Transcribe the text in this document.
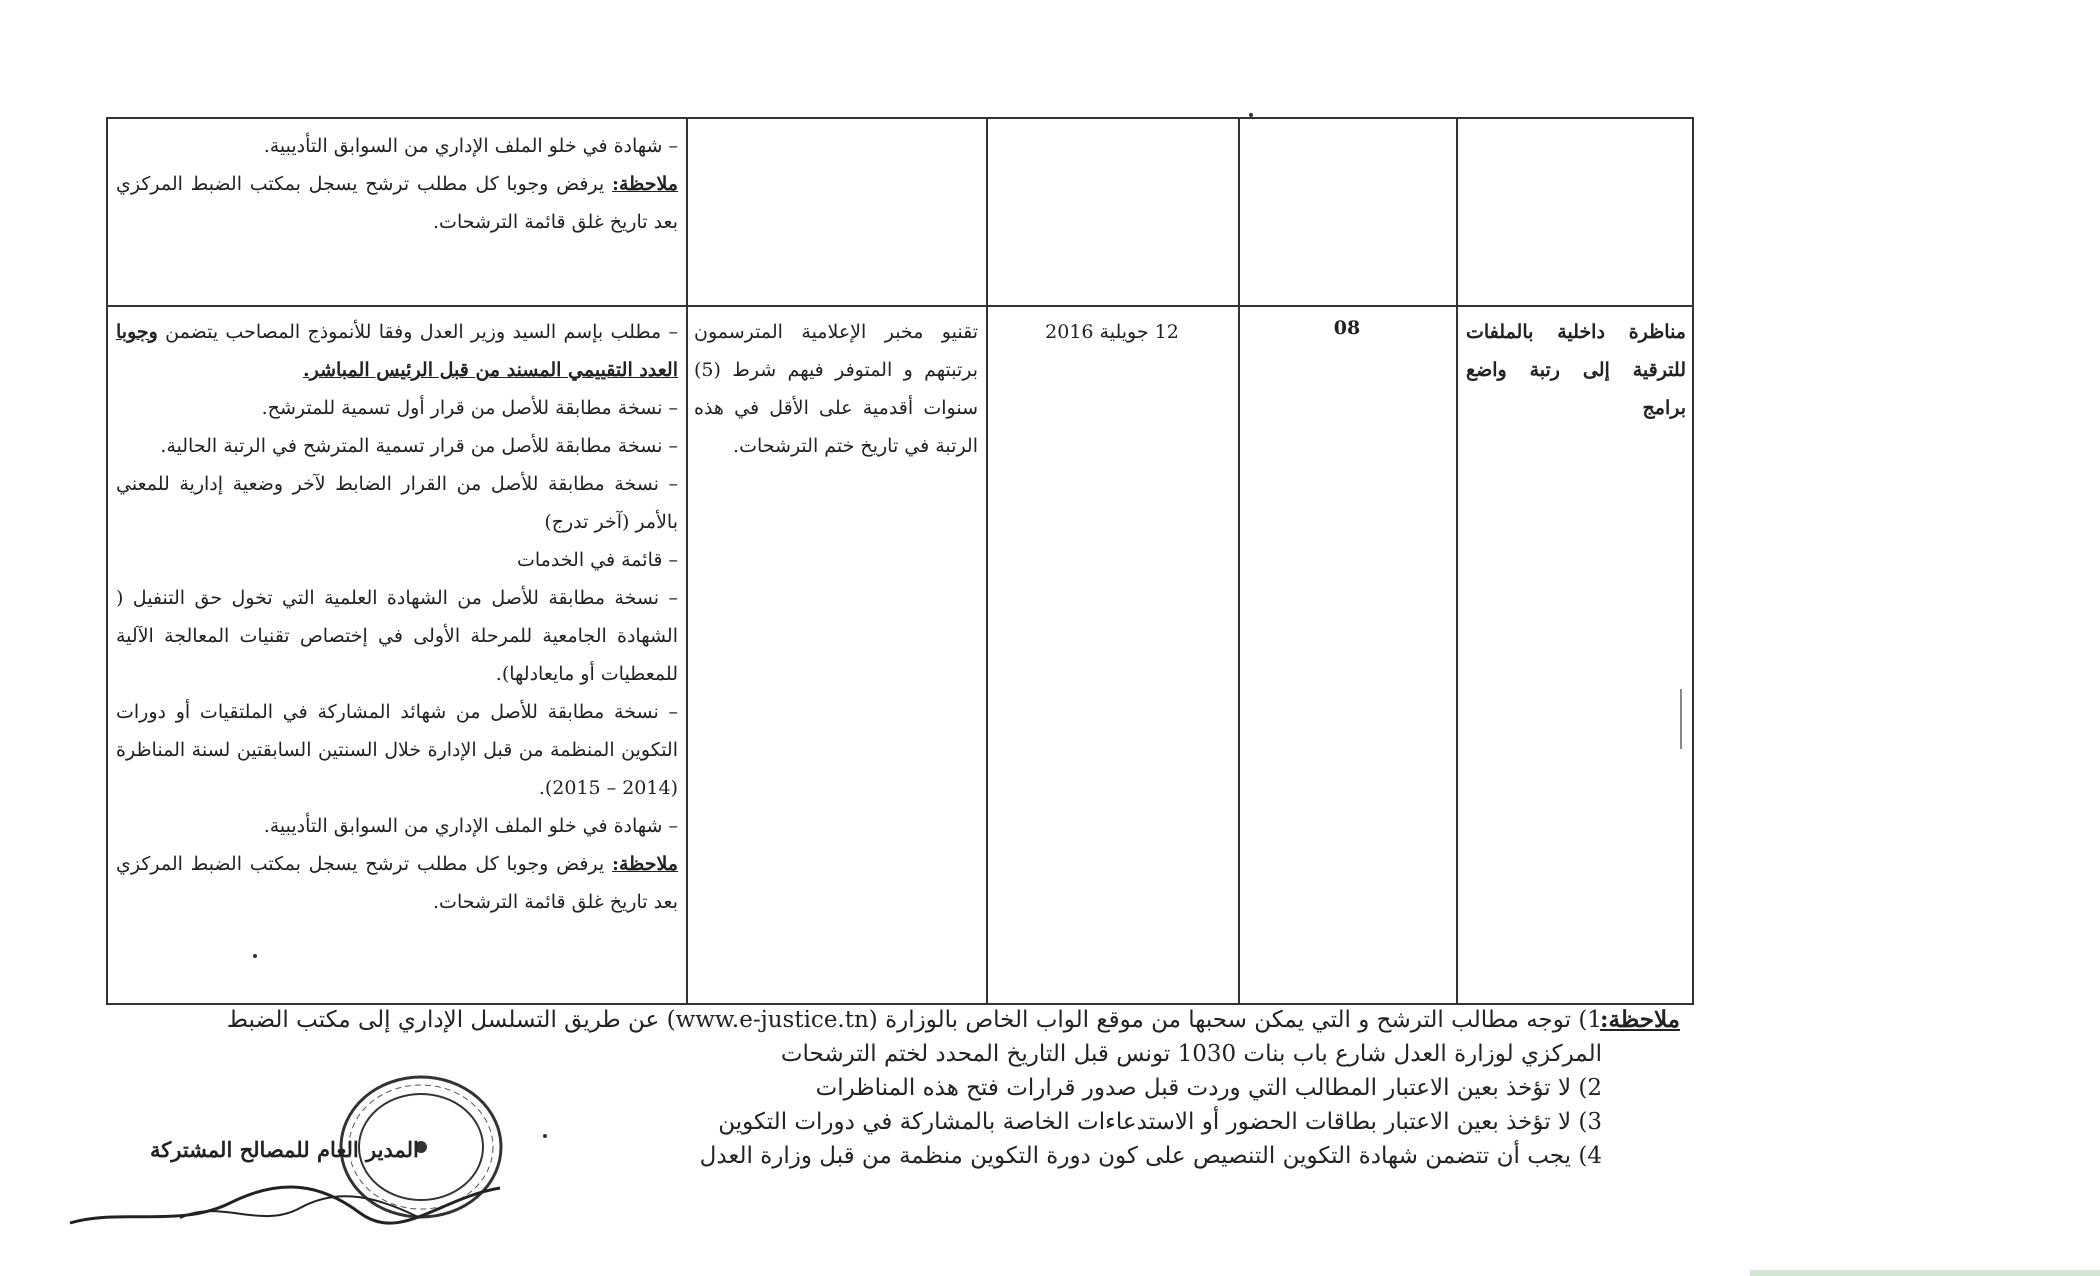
– شهادة في خلو الملف الإداري من السوابق التأديبية.

ملاحظة: يرفض وجوبا كل مطلب ترشح يسجل بمكتب الضبط المركزي بعد تاريخ غلق قائمة الترشحات.

مناظرة داخلية بالملفات للترقية إلى رتبة واضع برامج
08
12 جويلية 2016
تقنيو مخبر الإعلامية المترسمون برتبتهم و المتوفر فيهم شرط (5) سنوات أقدمية على الأقل في هذه الرتبة في تاريخ ختم الترشحات.

– مطلب بإسم السيد وزير العدل وفقا للأنموذج المصاحب يتضمن وجوبا العدد التقييمي المسند من قبل الرئيس المباشر.

– نسخة مطابقة للأصل من قرار أول تسمية للمترشح.

– نسخة مطابقة للأصل من قرار تسمية المترشح في الرتبة الحالية.

– نسخة مطابقة للأصل من القرار الضابط لآخر وضعية إدارية للمعني بالأمر (آخر تدرج)

– قائمة في الخدمات

– نسخة مطابقة للأصل من الشهادة العلمية التي تخول حق التنفيل ( الشهادة الجامعية للمرحلة الأولى في إختصاص تقنيات المعالجة الآلية للمعطيات أو مايعادلها).

– نسخة مطابقة للأصل من شهائد المشاركة في الملتقيات أو دورات التكوين المنظمة من قبل الإدارة خلال السنتين السابقتين لسنة المناظرة (2014 – 2015).

– شهادة في خلو الملف الإداري من السوابق التأديبية.

ملاحظة: يرفض وجوبا كل مطلب ترشح يسجل بمكتب الضبط المركزي بعد تاريخ غلق قائمة الترشحات.

ملاحظة:
1) توجه مطالب الترشح و التي يمكن سحبها من موقع الواب الخاص بالوزارة (www.e-justice.tn) عن طريق التسلسل الإداري إلى مكتب الضبط المركزي لوزارة العدل شارع باب بنات 1030 تونس قبل التاريخ المحدد لختم الترشحات
2) لا تؤخذ بعين الاعتبار المطالب التي وردت قبل صدور قرارات فتح هذه المناظرات
3) لا تؤخذ بعين الاعتبار بطاقات الحضور أو الاستدعاءات الخاصة بالمشاركة في دورات التكوين
4) يجب أن تتضمن شهادة التكوين التنصيص على كون دورة التكوين منظمة من قبل وزارة العدل
المدير العام للمصالح المشتركة
